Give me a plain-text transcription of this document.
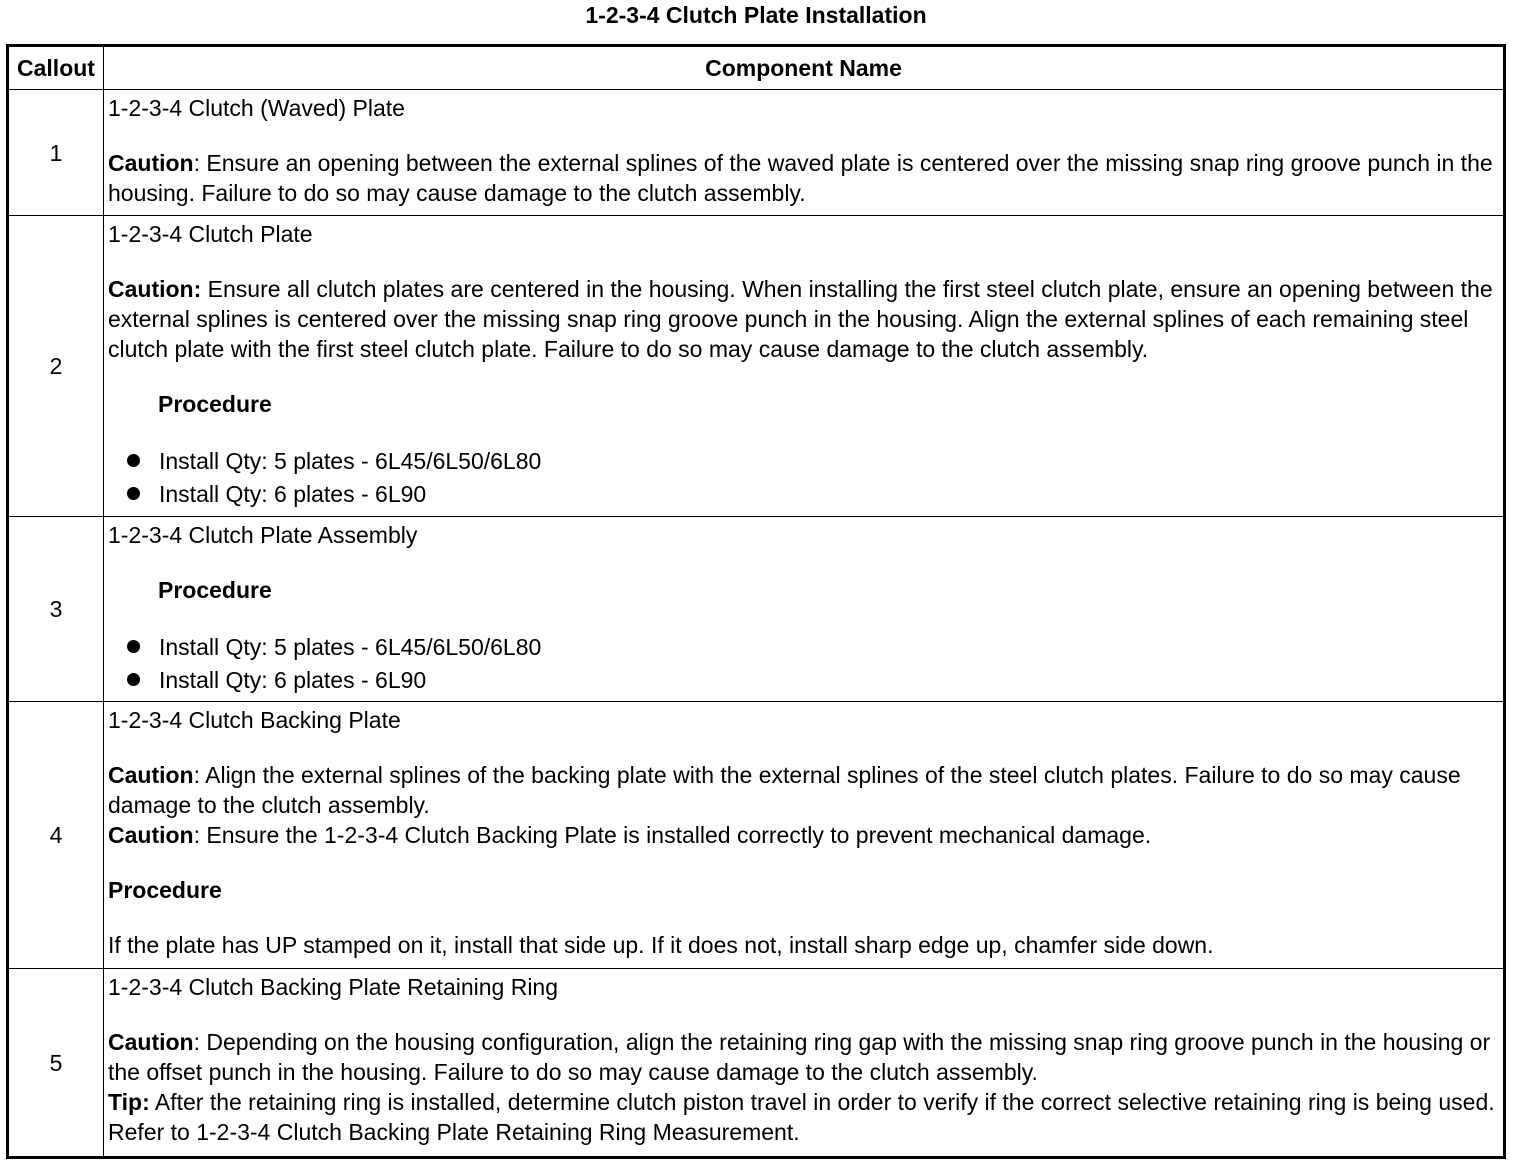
1-2-3-4 Clutch Plate Installation
Callout	Component Name
1	1-2-3-4 Clutch (Waved) Plate

Caution: Ensure an opening between the external splines of the waved plate is centered over the missing snap ring groove punch in the housing. Failure to do so may cause damage to the clutch assembly.

2	1-2-3-4 Clutch Plate

Caution: Ensure all clutch plates are centered in the housing. When installing the first steel clutch plate, ensure an opening between the external splines is centered over the missing snap ring groove punch in the housing. Align the external splines of each remaining steel clutch plate with the first steel clutch plate. Failure to do so may cause damage to the clutch assembly.

Procedure

Install Qty: 5 plates - 6L45/6L50/6L80
Install Qty: 6 plates - 6L90

3	1-2-3-4 Clutch Plate Assembly

Procedure

Install Qty: 5 plates - 6L45/6L50/6L80
Install Qty: 6 plates - 6L90

4	1-2-3-4 Clutch Backing Plate

Caution: Align the external splines of the backing plate with the external splines of the steel clutch plates. Failure to do so may cause damage to the clutch assembly.

Caution: Ensure the 1-2-3-4 Clutch Backing Plate is installed correctly to prevent mechanical damage.

Procedure

If the plate has UP stamped on it, install that side up. If it does not, install sharp edge up, chamfer side down.

5	1-2-3-4 Clutch Backing Plate Retaining Ring

Caution: Depending on the housing configuration, align the retaining ring gap with the missing snap ring groove punch in the housing or the offset punch in the housing. Failure to do so may cause damage to the clutch assembly.

Tip: After the retaining ring is installed, determine clutch piston travel in order to verify if the correct selective retaining ring is being used. Refer to 1-2-3-4 Clutch Backing Plate Retaining Ring Measurement.
